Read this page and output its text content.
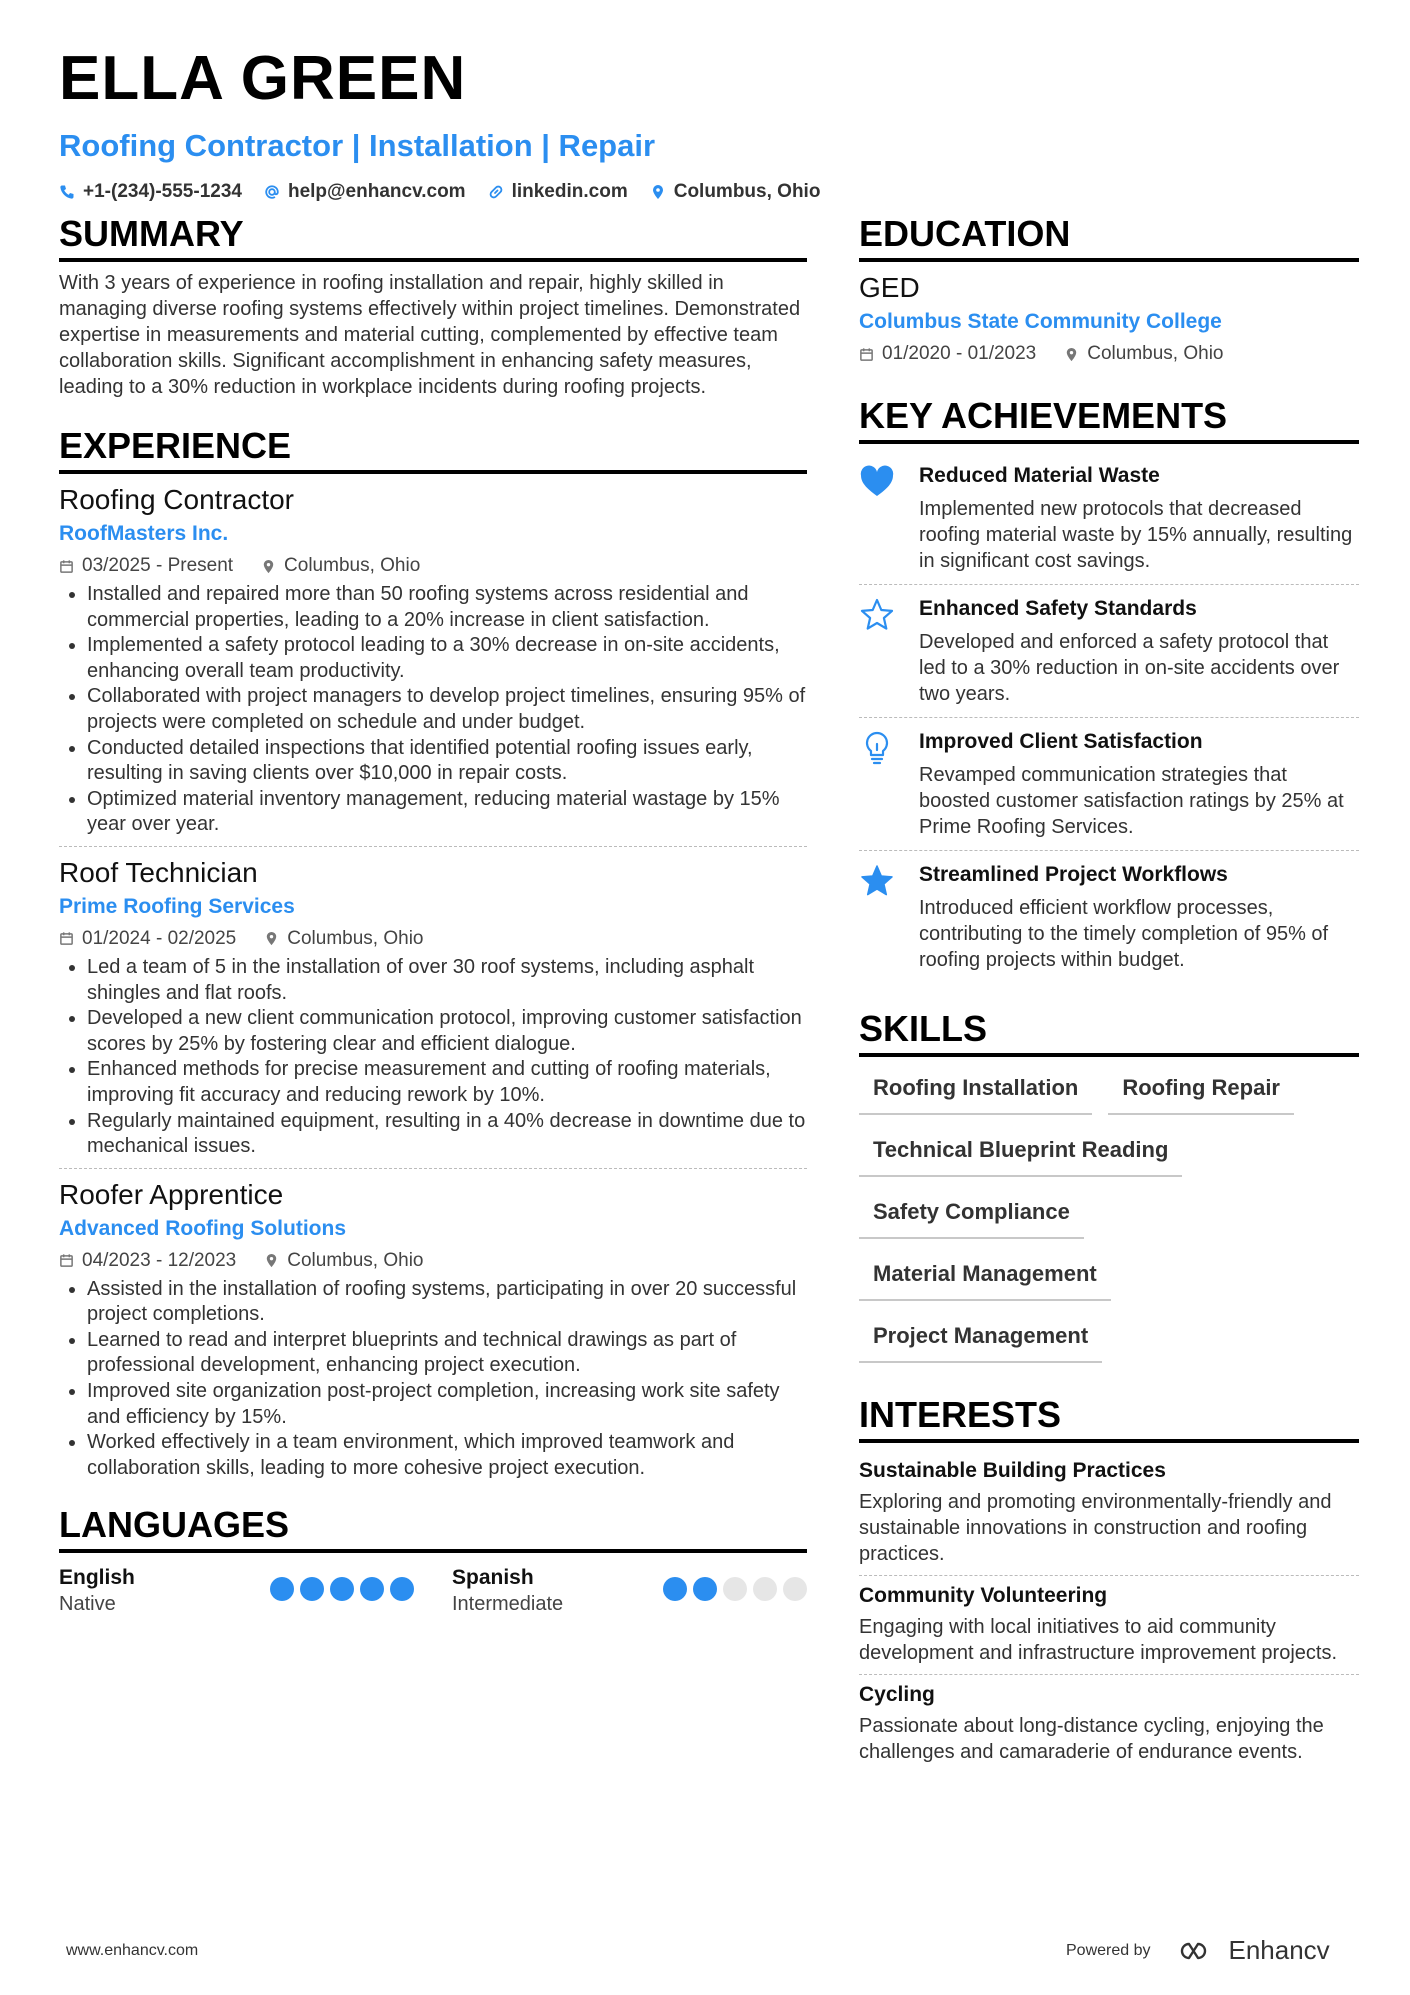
ELLA GREEN
Roofing Contractor | Installation | Repair
+1-(234)-555-1234 help@enhancv.com linkedin.com Columbus, Ohio
SUMMARY
With 3 years of experience in roofing installation and repair, highly skilled in managing diverse roofing systems effectively within project timelines. Demonstrated expertise in measurements and material cutting, complemented by effective team collaboration skills. Significant accomplishment in enhancing safety measures, leading to a 30% reduction in workplace incidents during roofing projects.
EXPERIENCE
Roofing Contractor
RoofMasters Inc.
03/2025 - Present	Columbus, Ohio
• Installed and repaired more than 50 roofing systems across residential and commercial properties, leading to a 20% increase in client satisfaction.
• Implemented a safety protocol leading to a 30% decrease in on-site accidents, enhancing overall team productivity.
• Collaborated with project managers to develop project timelines, ensuring 95% of projects were completed on schedule and under budget.
• Conducted detailed inspections that identified potential roofing issues early, resulting in saving clients over $10,000 in repair costs.
• Optimized material inventory management, reducing material wastage by 15% year over year.
Roof Technician
Prime Roofing Services
01/2024 - 02/2025	Columbus, Ohio
• Led a team of 5 in the installation of over 30 roof systems, including asphalt shingles and flat roofs.
• Developed a new client communication protocol, improving customer satisfaction scores by 25% by fostering clear and efficient dialogue.
• Enhanced methods for precise measurement and cutting of roofing materials, improving fit accuracy and reducing rework by 10%.
• Regularly maintained equipment, resulting in a 40% decrease in downtime due to mechanical issues.
Roofer Apprentice
Advanced Roofing Solutions
04/2023 - 12/2023	Columbus, Ohio
• Assisted in the installation of roofing systems, participating in over 20 successful project completions.
• Learned to read and interpret blueprints and technical drawings as part of professional development, enhancing project execution.
• Improved site organization post-project completion, increasing work site safety and efficiency by 15%.
• Worked effectively in a team environment, which improved teamwork and collaboration skills, leading to more cohesive project execution.
LANGUAGES
English
Native
Spanish
Intermediate
EDUCATION
GED
Columbus State Community College
01/2020 - 01/2023	Columbus, Ohio
KEY ACHIEVEMENTS
Reduced Material Waste
Implemented new protocols that decreased roofing material waste by 15% annually, resulting in significant cost savings.
Enhanced Safety Standards
Developed and enforced a safety protocol that led to a 30% reduction in on-site accidents over two years.
Improved Client Satisfaction
Revamped communication strategies that boosted customer satisfaction ratings by 25% at Prime Roofing Services.
Streamlined Project Workflows
Introduced efficient workflow processes, contributing to the timely completion of 95% of roofing projects within budget.
SKILLS
Roofing Installation	Roofing Repair
Technical Blueprint Reading
Safety Compliance
Material Management
Project Management
INTERESTS
Sustainable Building Practices
Exploring and promoting environmentally-friendly and sustainable innovations in construction and roofing practices.
Community Volunteering
Engaging with local initiatives to aid community development and infrastructure improvement projects.
Cycling
Passionate about long-distance cycling, enjoying the challenges and camaraderie of endurance events.
www.enhancv.com	Powered by	Enhancv
